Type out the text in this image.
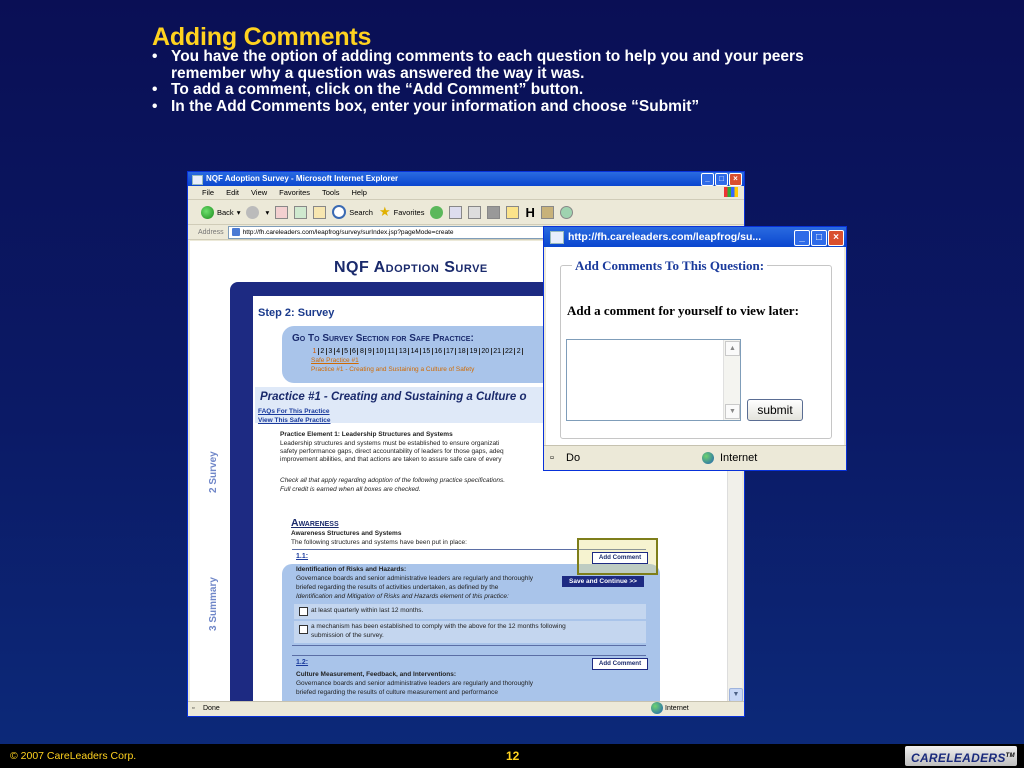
Adding Comments
• You have the option of adding comments to each question to help you and your peers remember why a question was answered the way it was.
• To add a comment, click on the “Add Comment” button.
• In the Add Comments box, enter your information and choose “Submit”
NQF Adoption Survey - Microsoft Internet Explorer	_	□	×
File Edit View Favorites Tools Help
Back ▾	▾	Search ★ Favorites	H
Address	http://fh.careleaders.com/leapfrog/survey/surIndex.jsp?pageMode=create
NQF Adoption Surve
1 Start
2 Survey
3 Summary
Step 2: Survey
Go To Survey Section for Safe Practice:
1 2 3 4 5 6 8 9 10 11 13 14 15 16 17 18 19 20 21 22 2
Safe Practice #1
Practice #1 - Creating and Sustaining a Culture of Safety
Practice #1 - Creating and Sustaining a Culture o
FAQs For This Practice
View This Safe Practice
Practice Element 1: Leadership Structures and Systems
Leadership structures and systems must be established to ensure organizati
safety performance gaps, direct accountability of leaders for those gaps, adeq
improvement abilities, and that actions are taken to assure safe care of every
Check all that apply regarding adoption of the following practice specifications.
Full credit is earned when all boxes are checked.
Save and Continue >>
Awareness
Awareness Structures and Systems
The following structures and systems have been put in place:
1.1:	Add Comment
Identification of Risks and Hazards:
Governance boards and senior administrative leaders are regularly and thoroughly
briefed regarding the results of activities undertaken, as defined by the
Identification and Mitigation of Risks and Hazards element of this practice:
at least quarterly within last 12 months.
a mechanism has been established to comply with the above for the 12 months following
submission of the survey.
1.2:	Add Comment
Culture Measurement, Feedback, and Interventions:
Governance boards and senior administrative leaders are regularly and thoroughly
briefed regarding the results of culture measurement and performance	▼
▫ Done	Internet
http://fh.careleaders.com/leapfrog/su...	_	□	×
Add Comments To This Question:
Add a comment for yourself to view later:
▲
▼	submit
▫ Do	Internet
© 2007 CareLeaders Corp.	12	CARELEADERS™
